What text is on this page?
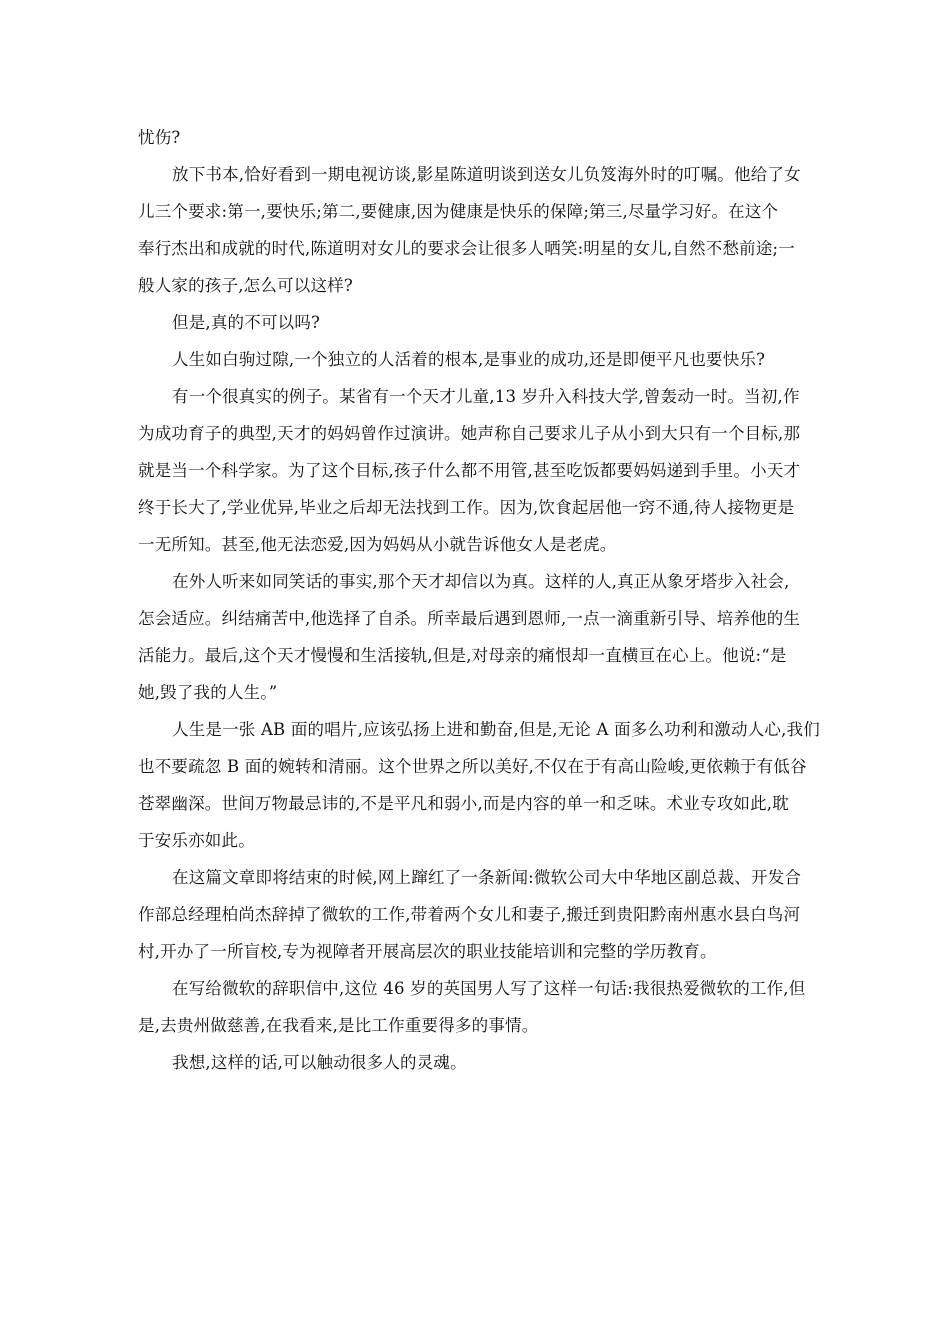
忧伤?
放下书本,恰好看到一期电视访谈,影星陈道明谈到送女儿负笈海外时的叮嘱。他给了女
儿三个要求:第一,要快乐;第二,要健康,因为健康是快乐的保障;第三,尽量学习好。在这个
奉行杰出和成就的时代,陈道明对女儿的要求会让很多人哂笑:明星的女儿,自然不愁前途;一
般人家的孩子,怎么可以这样?
但是,真的不可以吗?
人生如白驹过隙,一个独立的人活着的根本,是事业的成功,还是即便平凡也要快乐?
有一个很真实的例子。某省有一个天才儿童,13 岁升入科技大学,曾轰动一时。当初,作
为成功育子的典型,天才的妈妈曾作过演讲。她声称自己要求儿子从小到大只有一个目标,那
就是当一个科学家。为了这个目标,孩子什么都不用管,甚至吃饭都要妈妈递到手里。小天才
终于长大了,学业优异,毕业之后却无法找到工作。因为,饮食起居他一窍不通,待人接物更是
一无所知。甚至,他无法恋爱,因为妈妈从小就告诉他女人是老虎。
在外人听来如同笑话的事实,那个天才却信以为真。这样的人,真正从象牙塔步入社会,
怎会适应。纠结痛苦中,他选择了自杀。所幸最后遇到恩师,一点一滴重新引导、培养他的生
活能力。最后,这个天才慢慢和生活接轨,但是,对母亲的痛恨却一直横亘在心上。他说:“是
她,毁了我的人生。”
人生是一张 AB 面的唱片,应该弘扬上进和勤奋,但是,无论 A 面多么功利和激动人心,我们
也不要疏忽 B 面的婉转和清丽。这个世界之所以美好,不仅在于有高山险峻,更依赖于有低谷
苍翠幽深。世间万物最忌讳的,不是平凡和弱小,而是内容的单一和乏味。术业专攻如此,耽
于安乐亦如此。
在这篇文章即将结束的时候,网上蹿红了一条新闻:微软公司大中华地区副总裁、开发合
作部总经理柏尚杰辞掉了微软的工作,带着两个女儿和妻子,搬迁到贵阳黔南州惠水县白鸟河
村,开办了一所盲校,专为视障者开展高层次的职业技能培训和完整的学历教育。
在写给微软的辞职信中,这位 46 岁的英国男人写了这样一句话:我很热爱微软的工作,但
是,去贵州做慈善,在我看来,是比工作重要得多的事情。
我想,这样的话,可以触动很多人的灵魂。
